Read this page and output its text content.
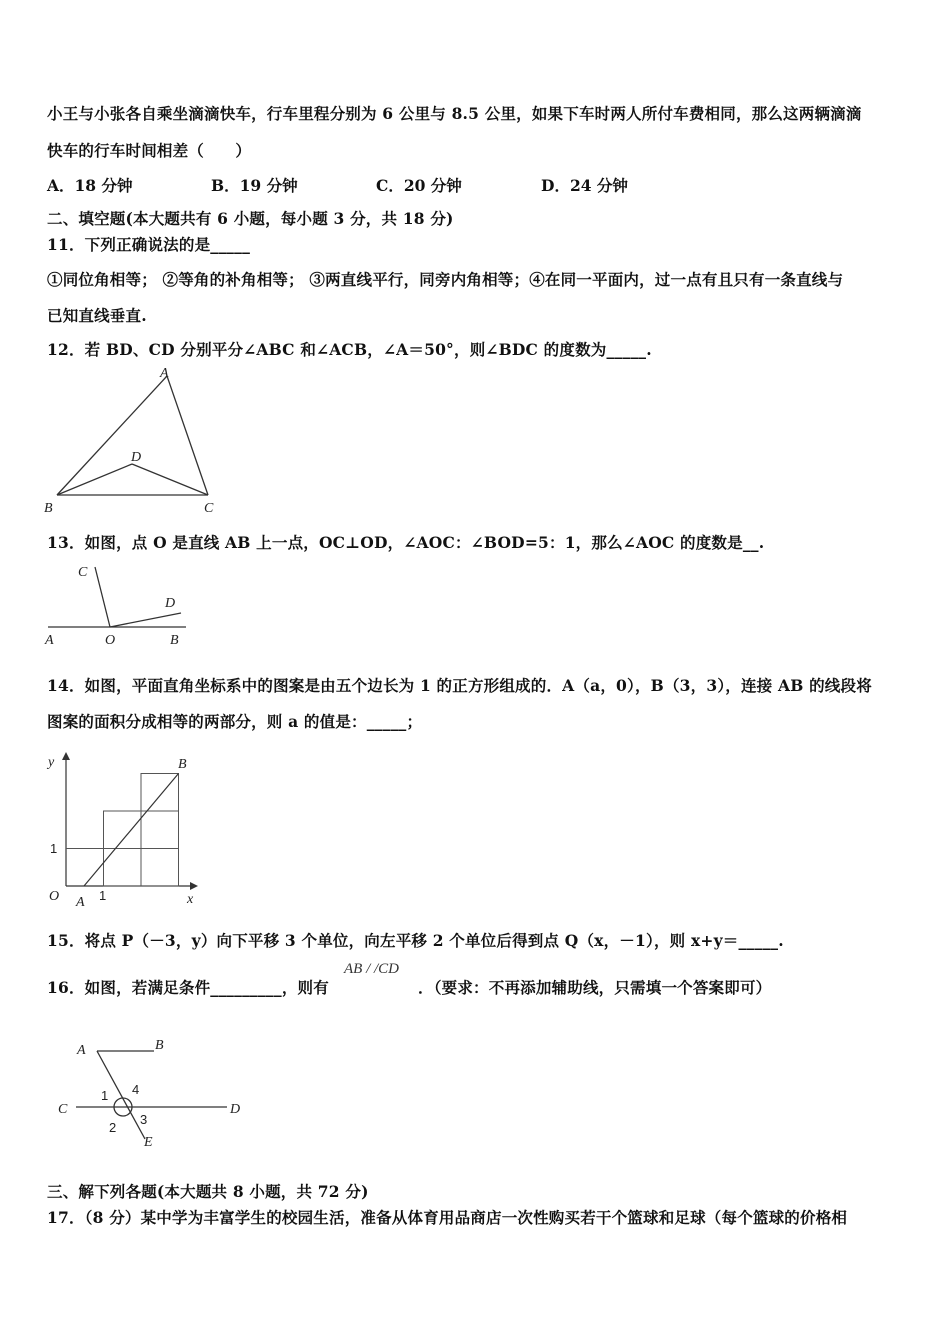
小王与小张各自乘坐滴滴快车，行车里程分别为 6 公里与 8.5 公里，如果下车时两人所付车费相同，那么这两辆滴滴
快车的行车时间相差（　　）
A．18 分钟	B．19 分钟	C．20 分钟	D．24 分钟
二、填空题(本大题共有 6 小题，每小题 3 分，共 18 分)
11．下列正确说法的是_____
①同位角相等； ②等角的补角相等； ③两直线平行，同旁内角相等；④在同一平面内，过一点有且只有一条直线与
已知直线垂直.
12．若 BD、CD 分别平分∠ABC 和∠ACB，∠A＝50°，则∠BDC 的度数为_____.
A
B	C
D
13．如图，点 O 是直线 AB 上一点，OC⊥OD，∠AOC：∠BOD=5：1，那么∠AOC 的度数是__.
C
D
A	O	B
14．如图，平面直角坐标系中的图案是由五个边长为 1 的正方形组成的．A（a，0），B（3，3），连接 AB 的线段将
图案的面积分成相等的两部分，则 a 的值是：_____；
y
x
O A
B
1
1
15．将点 P（－3，y）向下平移 3 个单位，向左平移 2 个单位后得到点 Q（x，－1），则 x+y＝_____.
16．如图，若满足条件_________，则有
AB / /CD
．（要求：不再添加辅助线，只需填一个答案即可）
A	B
C	D
E
1
2
3
4
三、解下列各题(本大题共 8 小题，共 72 分)
17．（8 分）某中学为丰富学生的校园生活，准备从体育用品商店一次性购买若干个篮球和足球（每个篮球的价格相
